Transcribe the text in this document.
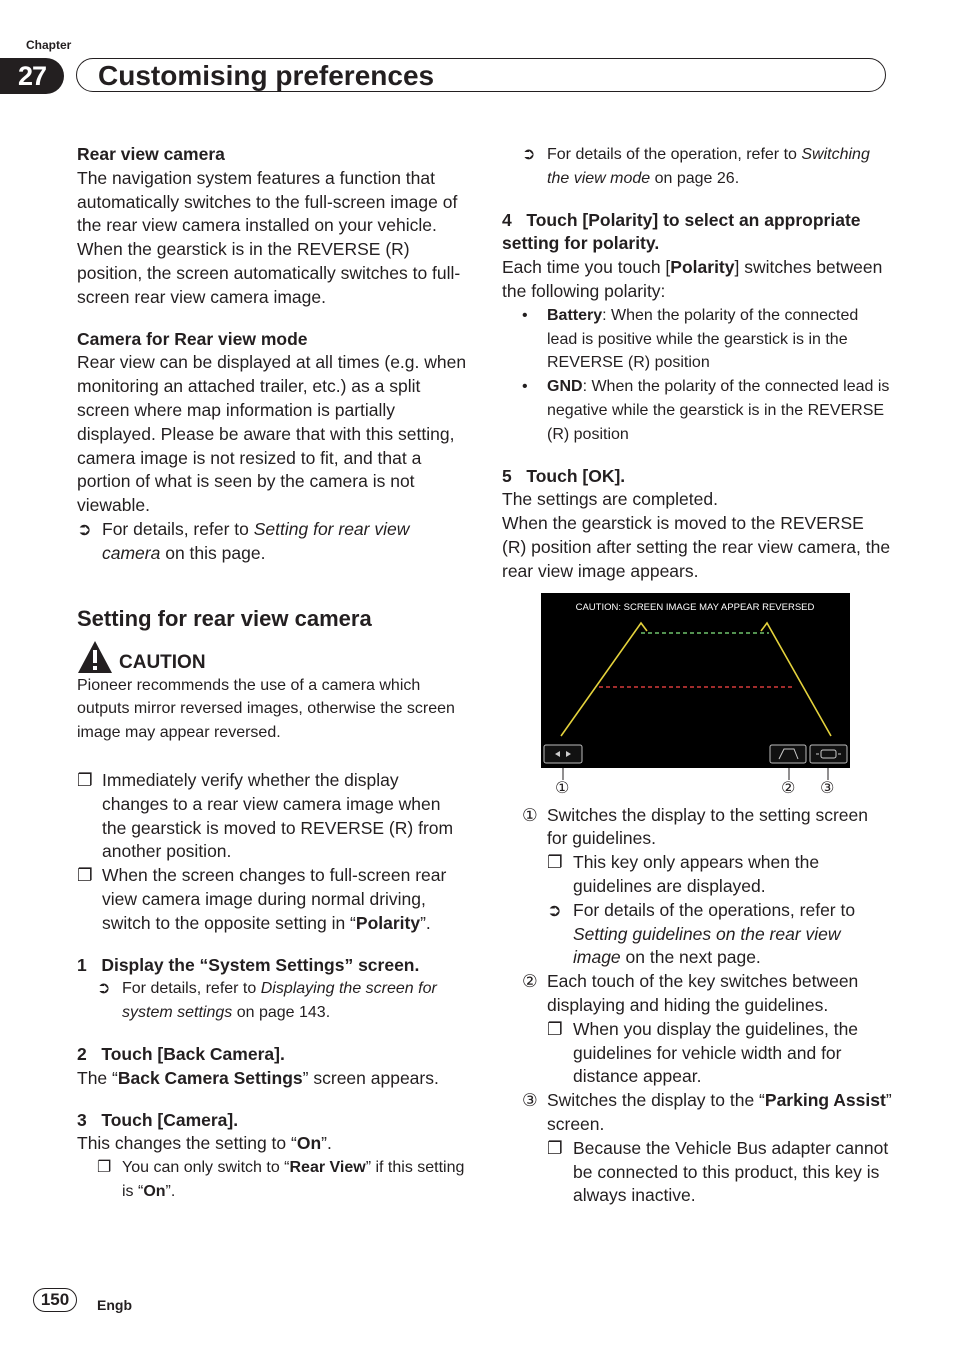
Chapter
27	Customising preferences

Rear view camera

The navigation system features a function that automatically switches to the full-screen image of the rear view camera installed on your vehicle. When the gearstick is in the REVERSE (R) position, the screen automatically switches to full-screen rear view camera image.

Camera for Rear view mode

Rear view can be displayed at all times (e.g. when monitoring an attached trailer, etc.) as a split screen where map information is partially displayed. Please be aware that with this setting, camera image is not resized to fit, and that a portion of what is seen by the camera is not viewable.

➲ For details, refer to Setting for rear view camera on this page.

Setting for rear view camera

CAUTION

Pioneer recommends the use of a camera which outputs mirror reversed images, otherwise the screen image may appear reversed.

❐ Immediately verify whether the display changes to a rear view camera image when the gearstick is moved to REVERSE (R) from another position.
❐ When the screen changes to full-screen rear view camera image during normal driving, switch to the opposite setting in “Polarity”.

1 Display the “System Settings” screen.

➲ For details, refer to Displaying the screen for system settings on page 143.

2 Touch [Back Camera].

The “Back Camera Settings” screen appears.

3 Touch [Camera].

This changes the setting to “On”.

❐ You can only switch to “Rear View” if this setting is “On”.
➲ For details of the operation, refer to Switching the view mode on page 26.

4 Touch [Polarity] to select an appropriate setting for polarity.

Each time you touch [Polarity] switches between the following polarity:

• Battery: When the polarity of the connected lead is positive while the gearstick is in the REVERSE (R) position
• GND: When the polarity of the connected lead is negative while the gearstick is in the REVERSE (R) position

5 Touch [OK].

The settings are completed.

When the gearstick is moved to the REVERSE (R) position after setting the rear view camera, the rear view image appears.

① Switches the display to the setting screen for guidelines.
❐ This key only appears when the guidelines are displayed.
➲ For details of the operations, refer to Setting guidelines on the rear view image on the next page.
② Each touch of the key switches between displaying and hiding the guidelines.
❐ When you display the guidelines, the guidelines for vehicle width and for distance appear.
③ Switches the display to the “Parking Assist” screen.
❐ Because the Vehicle Bus adapter cannot be connected to this product, this key is always inactive.
CAUTION: SCREEN IMAGE MAY APPEAR REVERSED
①	② ③
150	Engb
